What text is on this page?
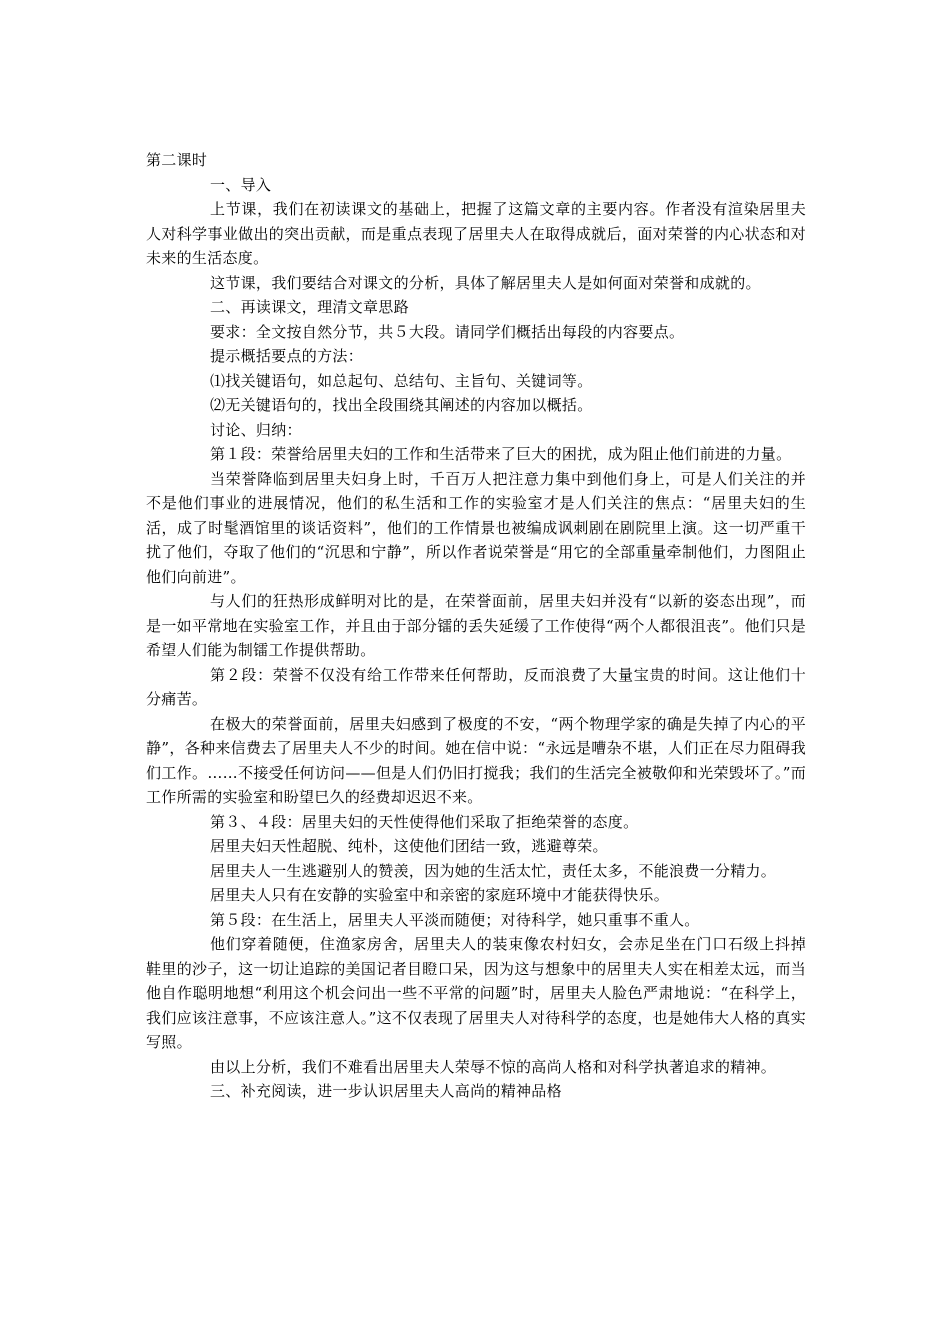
第二课时

一、导入

上节课，我们在初读课文的基础上，把握了这篇文章的主要内容。作者没有渲染居里夫人对科学事业做出的突出贡献，而是重点表现了居里夫人在取得成就后，面对荣誉的内心状态和对未来的生活态度。

这节课，我们要结合对课文的分析，具体了解居里夫人是如何面对荣誉和成就的。

二、再读课文，理清文章思路

要求：全文按自然分节，共５大段。请同学们概括出每段的内容要点。

提示概括要点的方法：

⑴找关键语句，如总起句、总结句、主旨句、关键词等。

⑵无关键语句的，找出全段围绕其阐述的内容加以概括。

讨论、归纳：

第１段：荣誉给居里夫妇的工作和生活带来了巨大的困扰，成为阻止他们前进的力量。

当荣誉降临到居里夫妇身上时，千百万人把注意力集中到他们身上，可是人们关注的并不是他们事业的进展情况，他们的私生活和工作的实验室才是人们关注的焦点：“居里夫妇的生活，成了时髦酒馆里的谈话资料”，他们的工作情景也被编成讽刺剧在剧院里上演。这一切严重干扰了他们，夺取了他们的“沉思和宁静”，所以作者说荣誉是“用它的全部重量牵制他们，力图阻止他们向前进”。

与人们的狂热形成鲜明对比的是，在荣誉面前，居里夫妇并没有“以新的姿态出现”，而是一如平常地在实验室工作，并且由于部分镭的丢失延缓了工作使得“两个人都很沮丧”。他们只是希望人们能为制镭工作提供帮助。

第２段：荣誉不仅没有给工作带来任何帮助，反而浪费了大量宝贵的时间。这让他们十分痛苦。

在极大的荣誉面前，居里夫妇感到了极度的不安，“两个物理学家的确是失掉了内心的平静”，各种来信费去了居里夫人不少的时间。她在信中说：“永远是嘈杂不堪，人们正在尽力阻碍我们工作。……不接受任何访问——但是人们仍旧打搅我；我们的生活完全被敬仰和光荣毁坏了。”而工作所需的实验室和盼望巳久的经费却迟迟不来。

第３、４段：居里夫妇的天性使得他们采取了拒绝荣誉的态度。

居里夫妇天性超脱、纯朴，这使他们团结一致，逃避尊荣。

居里夫人一生逃避别人的赞羡，因为她的生活太忙，责任太多，不能浪费一分精力。

居里夫人只有在安静的实验室中和亲密的家庭环境中才能获得快乐。

第５段：在生活上，居里夫人平淡而随便；对待科学，她只重事不重人。

他们穿着随便，住渔家房舍，居里夫人的装束像农村妇女，会赤足坐在门口石级上抖掉鞋里的沙子，这一切让追踪的美国记者目瞪口呆，因为这与想象中的居里夫人实在相差太远，而当他自作聪明地想“利用这个机会问出一些不平常的问题”时，居里夫人脸色严肃地说：“在科学上，我们应该注意事，不应该注意人。”这不仅表现了居里夫人对待科学的态度，也是她伟大人格的真实写照。

由以上分析，我们不难看出居里夫人荣辱不惊的高尚人格和对科学执著追求的精神。

三、补充阅读，进一步认识居里夫人高尚的精神品格
